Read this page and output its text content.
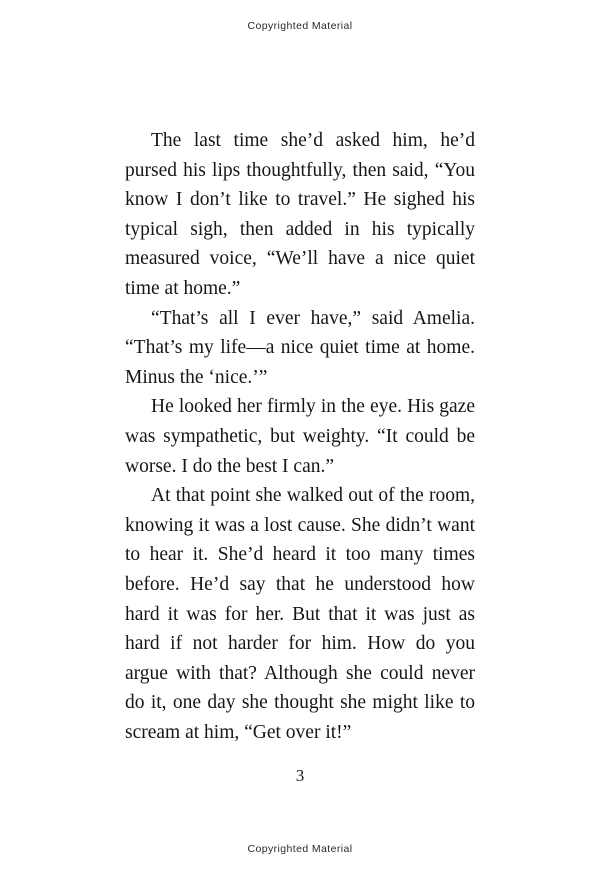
Copyrighted Material

The last time she’d asked him, he’d pursed his lips thoughtfully, then said, “You know I don’t like to travel.” He sighed his typical sigh, then added in his typically measured voice, “We’ll have a nice quiet time at home.”

“That’s all I ever have,” said Amelia. “That’s my life—a nice quiet time at home. Minus the ‘nice.’”

He looked her firmly in the eye. His gaze was sympathetic, but weighty. “It could be worse. I do the best I can.”

At that point she walked out of the room, knowing it was a lost cause. She didn’t want to hear it. She’d heard it too many times before. He’d say that he understood how hard it was for her. But that it was just as hard if not harder for him. How do you argue with that? Although she could never do it, one day she thought she might like to scream at him, “Get over it!”

3
Copyrighted Material
